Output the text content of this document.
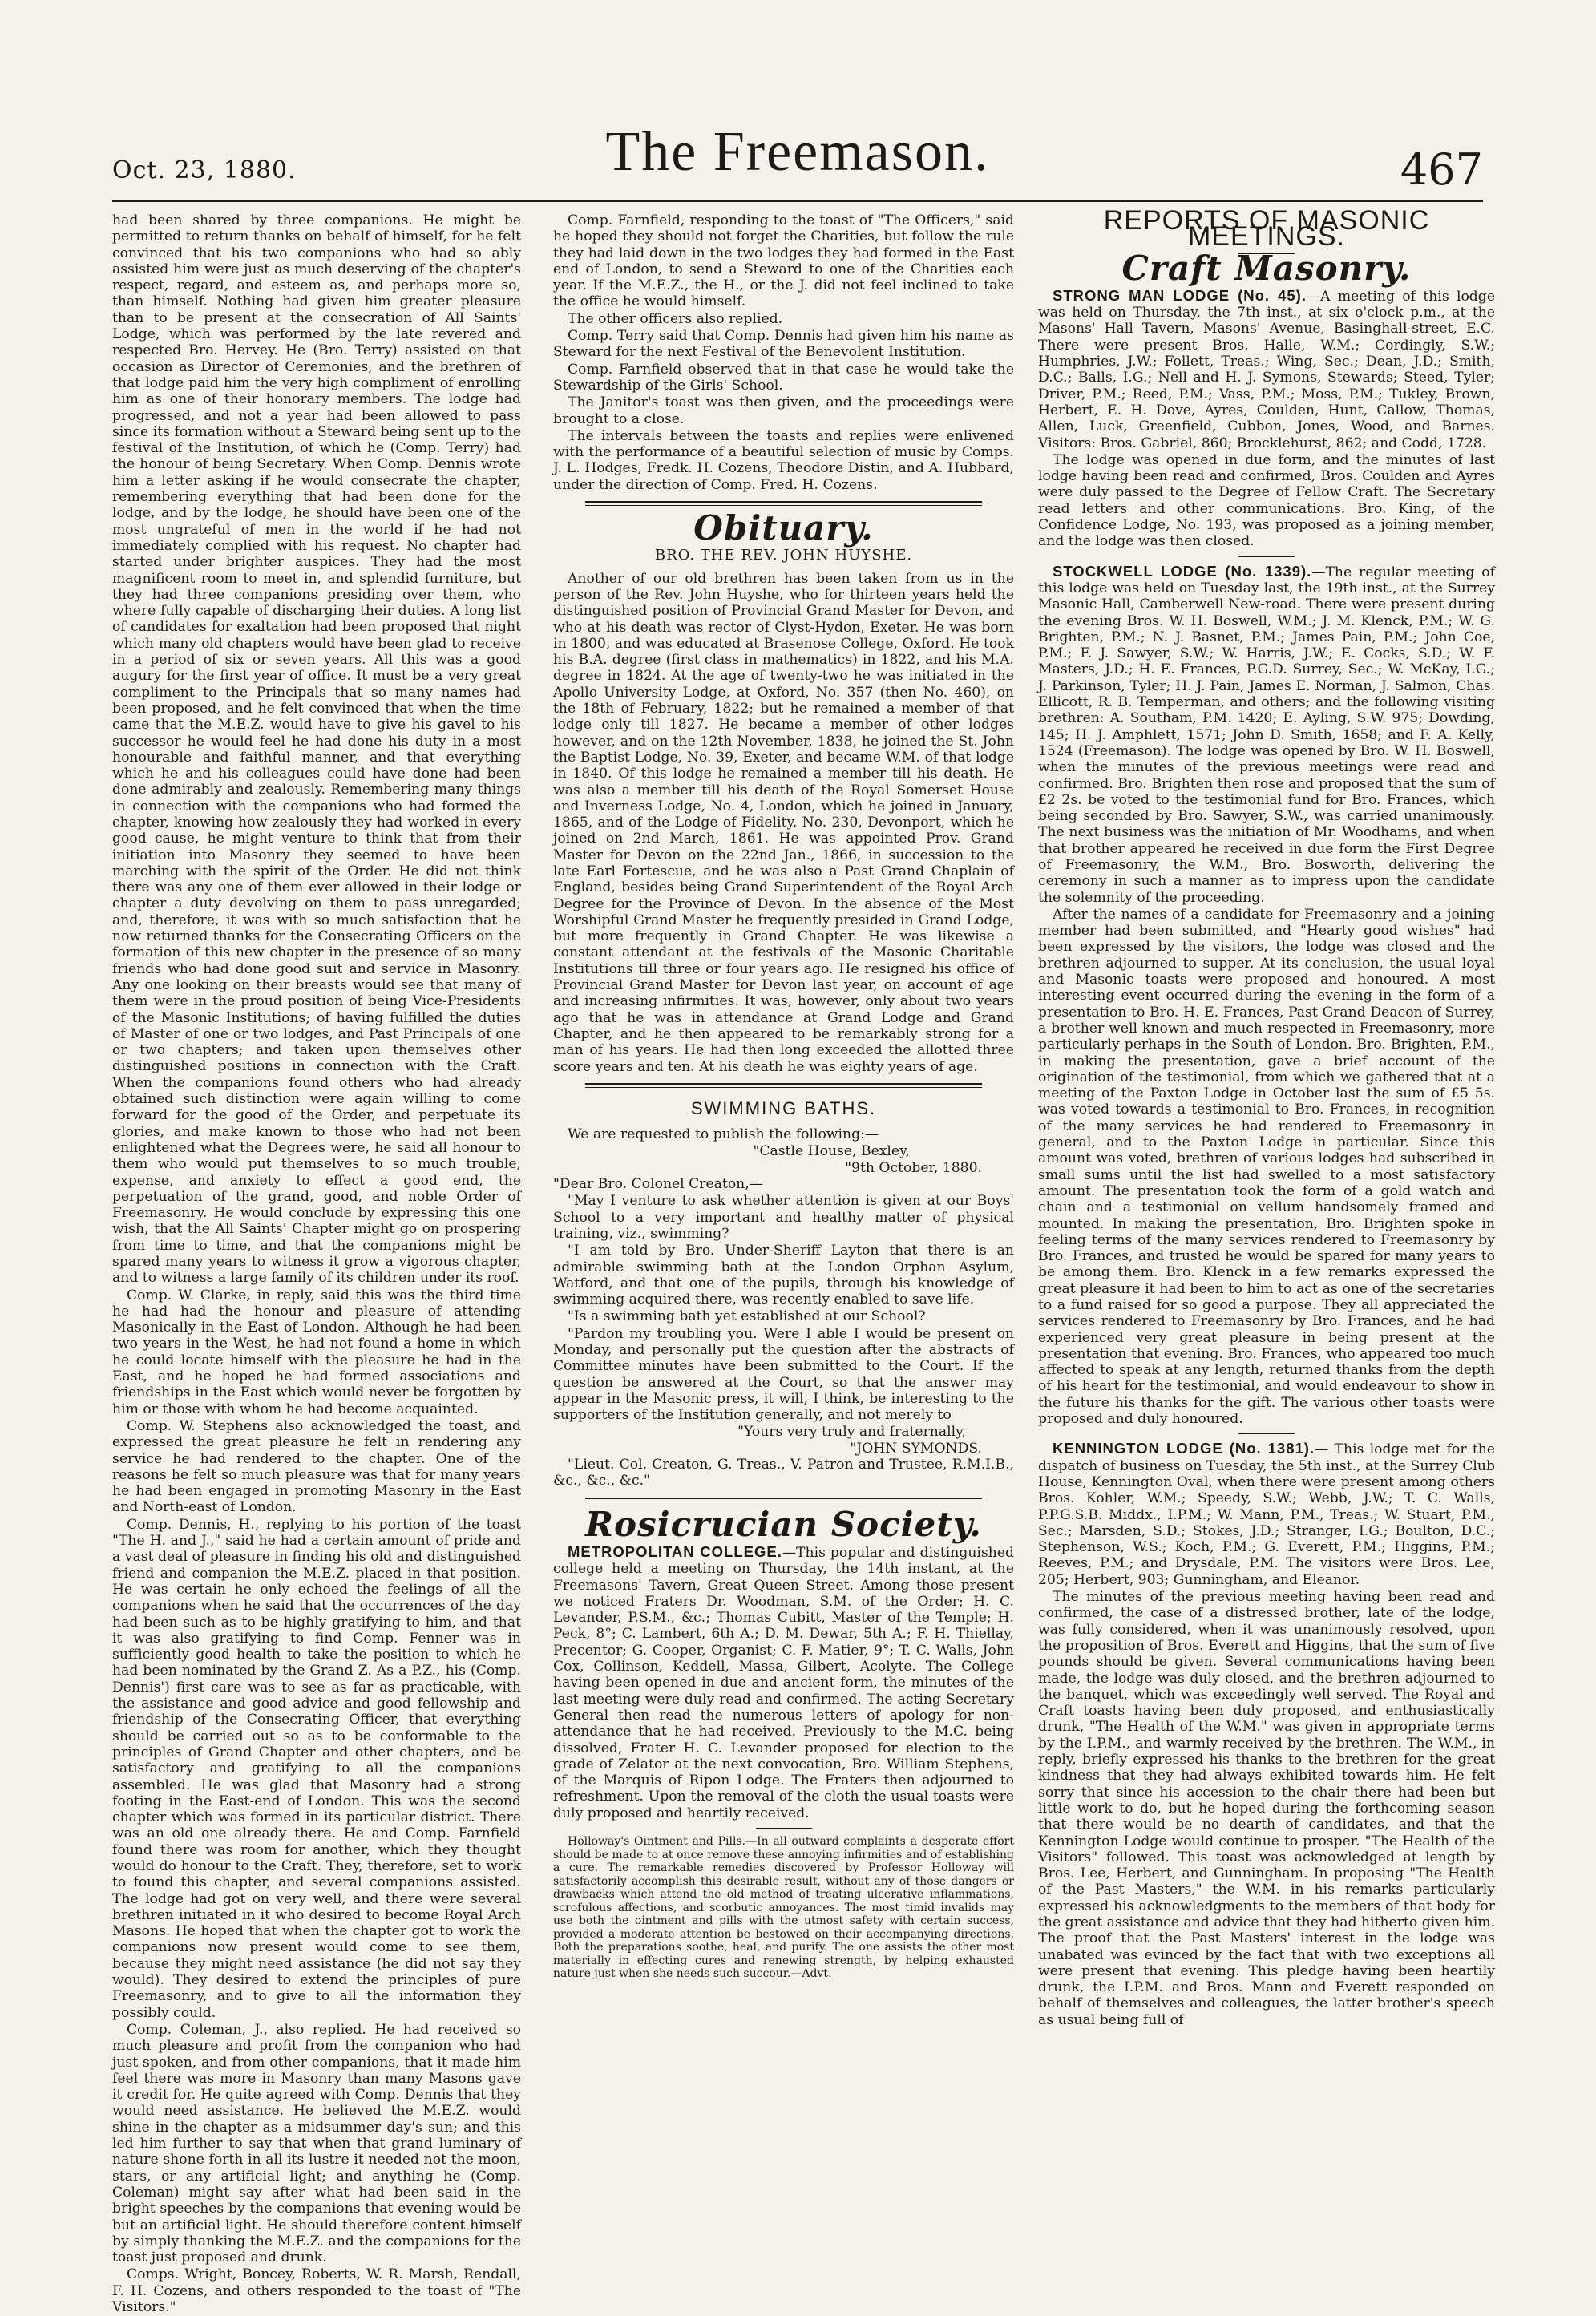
Oct. 23, 1880.	The Freemason.	467

had been shared by three companions. He might be permitted to return thanks on behalf of himself, for he felt convinced that his two companions who had so ably assisted him were just as much deserving of the chapter's respect, regard, and esteem as, and perhaps more so, than himself. Nothing had given him greater pleasure than to be present at the consecration of All Saints' Lodge, which was performed by the late revered and respected Bro. Hervey. He (Bro. Terry) assisted on that occasion as Director of Ceremonies, and the brethren of that lodge paid him the very high compliment of enrolling him as one of their honorary members. The lodge had progressed, and not a year had been allowed to pass since its formation without a Steward being sent up to the festival of the Institution, of which he (Comp. Terry) had the honour of being Secretary. When Comp. Dennis wrote him a letter asking if he would consecrate the chapter, remembering everything that had been done for the lodge, and by the lodge, he should have been one of the most ungrateful of men in the world if he had not immediately complied with his request. No chapter had started under brighter auspices. They had the most magnificent room to meet in, and splendid furniture, but they had three companions presiding over them, who where fully capable of discharging their duties. A long list of candidates for exaltation had been proposed that night which many old chapters would have been glad to receive in a period of six or seven years. All this was a good augury for the first year of office. It must be a very great compliment to the Principals that so many names had been proposed, and he felt convinced that when the time came that the M.E.Z. would have to give his gavel to his successor he would feel he had done his duty in a most honourable and faithful manner, and that everything which he and his colleagues could have done had been done admirably and zealously. Remembering many things in connection with the companions who had formed the chapter, knowing how zealously they had worked in every good cause, he might venture to think that from their initiation into Masonry they seemed to have been marching with the spirit of the Order. He did not think there was any one of them ever allowed in their lodge or chapter a duty devolving on them to pass unregarded; and, therefore, it was with so much satisfaction that he now returned thanks for the Consecrating Officers on the formation of this new chapter in the presence of so many friends who had done good suit and service in Masonry. Any one looking on their breasts would see that many of them were in the proud position of being Vice-Presidents of the Masonic Institutions; of having fulfilled the duties of Master of one or two lodges, and Past Principals of one or two chapters; and taken upon themselves other distinguished positions in connection with the Craft. When the companions found others who had already obtained such distinction were again willing to come forward for the good of the Order, and perpetuate its glories, and make known to those who had not been enlightened what the Degrees were, he said all honour to them who would put themselves to so much trouble, expense, and anxiety to effect a good end, the perpetuation of the grand, good, and noble Order of Freemasonry. He would conclude by expressing this one wish, that the All Saints' Chapter might go on prospering from time to time, and that the companions might be spared many years to witness it grow a vigorous chapter, and to witness a large family of its children under its roof.

Comp. W. Clarke, in reply, said this was the third time he had had the honour and pleasure of attending Masonically in the East of London. Although he had been two years in the West, he had not found a home in which he could locate himself with the pleasure he had in the East, and he hoped he had formed associations and friendships in the East which would never be forgotten by him or those with whom he had become acquainted.

Comp. W. Stephens also acknowledged the toast, and expressed the great pleasure he felt in rendering any service he had rendered to the chapter. One of the reasons he felt so much pleasure was that for many years he had been engaged in promoting Masonry in the East and North-east of London.

Comp. Dennis, H., replying to his portion of the toast "The H. and J.," said he had a certain amount of pride and a vast deal of pleasure in finding his old and distinguished friend and companion the M.E.Z. placed in that position. He was certain he only echoed the feelings of all the companions when he said that the occurrences of the day had been such as to be highly gratifying to him, and that it was also gratifying to find Comp. Fenner was in sufficiently good health to take the position to which he had been nominated by the Grand Z. As a P.Z., his (Comp. Dennis') first care was to see as far as practicable, with the assistance and good advice and good fellowship and friendship of the Consecrating Officer, that everything should be carried out so as to be conformable to the principles of Grand Chapter and other chapters, and be satisfactory and gratifying to all the companions assembled. He was glad that Masonry had a strong footing in the East-end of London. This was the second chapter which was formed in its particular district. There was an old one already there. He and Comp. Farnfield found there was room for another, which they thought would do honour to the Craft. They, therefore, set to work to found this chapter, and several companions assisted. The lodge had got on very well, and there were several brethren initiated in it who desired to become Royal Arch Masons. He hoped that when the chapter got to work the companions now present would come to see them, because they might need assistance (he did not say they would). They desired to extend the principles of pure Freemasonry, and to give to all the information they possibly could.

Comp. Coleman, J., also replied. He had received so much pleasure and profit from the companion who had just spoken, and from other companions, that it made him feel there was more in Masonry than many Masons gave it credit for. He quite agreed with Comp. Dennis that they would need assistance. He believed the M.E.Z. would shine in the chapter as a midsummer day's sun; and this led him further to say that when that grand luminary of nature shone forth in all its lustre it needed not the moon, stars, or any artificial light; and anything he (Comp. Coleman) might say after what had been said in the bright speeches by the companions that evening would be but an artificial light. He should therefore content himself by simply thanking the M.E.Z. and the companions for the toast just proposed and drunk.

Comps. Wright, Boncey, Roberts, W. R. Marsh, Rendall, F. H. Cozens, and others responded to the toast of "The Visitors."

Comp. Farnfield, responding to the toast of "The Officers," said he hoped they should not forget the Charities, but follow the rule they had laid down in the two lodges they had formed in the East end of London, to send a Steward to one of the Charities each year. If the M.E.Z., the H., or the J. did not feel inclined to take the office he would himself.

The other officers also replied.

Comp. Terry said that Comp. Dennis had given him his name as Steward for the next Festival of the Benevolent Institution.

Comp. Farnfield observed that in that case he would take the Stewardship of the Girls' School.

The Janitor's toast was then given, and the proceedings were brought to a close.

The intervals between the toasts and replies were enlivened with the performance of a beautiful selection of music by Comps. J. L. Hodges, Fredk. H. Cozens, Theodore Distin, and A. Hubbard, under the direction of Comp. Fred. H. Cozens.

Obituary.
BRO. THE REV. JOHN HUYSHE.

Another of our old brethren has been taken from us in the person of the Rev. John Huyshe, who for thirteen years held the distinguished position of Provincial Grand Master for Devon, and who at his death was rector of Clyst-Hydon, Exeter. He was born in 1800, and was educated at Brasenose College, Oxford. He took his B.A. degree (first class in mathematics) in 1822, and his M.A. degree in 1824. At the age of twenty-two he was initiated in the Apollo University Lodge, at Oxford, No. 357 (then No. 460), on the 18th of February, 1822; but he remained a member of that lodge only till 1827. He became a member of other lodges however, and on the 12th November, 1838, he joined the St. John the Baptist Lodge, No. 39, Exeter, and became W.M. of that lodge in 1840. Of this lodge he remained a member till his death. He was also a member till his death of the Royal Somerset House and Inverness Lodge, No. 4, London, which he joined in January, 1865, and of the Lodge of Fidelity, No. 230, Devonport, which he joined on 2nd March, 1861. He was appointed Prov. Grand Master for Devon on the 22nd Jan., 1866, in succession to the late Earl Fortescue, and he was also a Past Grand Chaplain of England, besides being Grand Superintendent of the Royal Arch Degree for the Province of Devon. In the absence of the Most Worshipful Grand Master he frequently presided in Grand Lodge, but more frequently in Grand Chapter. He was likewise a constant attendant at the festivals of the Masonic Charitable Institutions till three or four years ago. He resigned his office of Provincial Grand Master for Devon last year, on account of age and increasing infirmities. It was, however, only about two years ago that he was in attendance at Grand Lodge and Grand Chapter, and he then appeared to be remarkably strong for a man of his years. He had then long exceeded the allotted three score years and ten. At his death he was eighty years of age.

SWIMMING BATHS.

We are requested to publish the following:—

"Castle House, Bexley,
"9th October, 1880.

"Dear Bro. Colonel Creaton,—

"May I venture to ask whether attention is given at our Boys' School to a very important and healthy matter of physical training, viz., swimming?

"I am told by Bro. Under-Sheriff Layton that there is an admirable swimming bath at the London Orphan Asylum, Watford, and that one of the pupils, through his knowledge of swimming acquired there, was recently enabled to save life.

"Is a swimming bath yet established at our School?

"Pardon my troubling you. Were I able I would be present on Monday, and personally put the question after the abstracts of Committee minutes have been submitted to the Court. If the question be answered at the Court, so that the answer may appear in the Masonic press, it will, I think, be interesting to the supporters of the Institution generally, and not merely to

"Yours very truly and fraternally,
"JOHN SYMONDS.

"Lieut. Col. Creaton, G. Treas., V. Patron and Trustee, R.M.I.B., &c., &c., &c."

Rosicrucian Society.

METROPOLITAN COLLEGE.—This popular and distinguished college held a meeting on Thursday, the 14th instant, at the Freemasons' Tavern, Great Queen Street. Among those present we noticed Fraters Dr. Woodman, S.M. of the Order; H. C. Levander, P.S.M., &c.; Thomas Cubitt, Master of the Temple; H. Peck, 8°; C. Lambert, 6th A.; D. M. Dewar, 5th A.; F. H. Thiellay, Precentor; G. Cooper, Organist; C. F. Matier, 9°; T. C. Walls, John Cox, Collinson, Keddell, Massa, Gilbert, Acolyte. The College having been opened in due and ancient form, the minutes of the last meeting were duly read and confirmed. The acting Secretary General then read the numerous letters of apology for non-attendance that he had received. Previously to the M.C. being dissolved, Frater H. C. Levander proposed for election to the grade of Zelator at the next convocation, Bro. William Stephens, of the Marquis of Ripon Lodge. The Fraters then adjourned to refreshment. Upon the removal of the cloth the usual toasts were duly proposed and heartily received.

Holloway's Ointment and Pills.—In all outward complaints a desperate effort should be made to at once remove these annoying infirmities and of establishing a cure. The remarkable remedies discovered by Professor Holloway will satisfactorily accomplish this desirable result, without any of those dangers or drawbacks which attend the old method of treating ulcerative inflammations, scrofulous affections, and scorbutic annoyances. The most timid invalids may use both the ointment and pills with the utmost safety with certain success, provided a moderate attention be bestowed on their accompanying directions. Both the preparations soothe, heal, and purify. The one assists the other most materially in effecting cures and renewing strength, by helping exhausted nature just when she needs such succour.—Advt.

REPORTS OF MASONIC MEETINGS.
Craft Masonry.

STRONG MAN LODGE (No. 45).—A meeting of this lodge was held on Thursday, the 7th inst., at six o'clock p.m., at the Masons' Hall Tavern, Masons' Avenue, Basinghall-street, E.C. There were present Bros. Halle, W.M.; Cordingly, S.W.; Humphries, J.W.; Follett, Treas.; Wing, Sec.; Dean, J.D.; Smith, D.C.; Balls, I.G.; Nell and H. J. Symons, Stewards; Steed, Tyler; Driver, P.M.; Reed, P.M.; Vass, P.M.; Moss, P.M.; Tukley, Brown, Herbert, E. H. Dove, Ayres, Coulden, Hunt, Callow, Thomas, Allen, Luck, Greenfield, Cubbon, Jones, Wood, and Barnes. Visitors: Bros. Gabriel, 860; Brocklehurst, 862; and Codd, 1728.

The lodge was opened in due form, and the minutes of last lodge having been read and confirmed, Bros. Coulden and Ayres were duly passed to the Degree of Fellow Craft. The Secretary read letters and other communications. Bro. King, of the Confidence Lodge, No. 193, was proposed as a joining member, and the lodge was then closed.

STOCKWELL LODGE (No. 1339).—The regular meeting of this lodge was held on Tuesday last, the 19th inst., at the Surrey Masonic Hall, Camberwell New-road. There were present during the evening Bros. W. H. Boswell, W.M.; J. M. Klenck, P.M.; W. G. Brighten, P.M.; N. J. Basnet, P.M.; James Pain, P.M.; John Coe, P.M.; F. J. Sawyer, S.W.; W. Harris, J.W.; E. Cocks, S.D.; W. F. Masters, J.D.; H. E. Frances, P.G.D. Surrey, Sec.; W. McKay, I.G.; J. Parkinson, Tyler; H. J. Pain, James E. Norman, J. Salmon, Chas. Ellicott, R. B. Temperman, and others; and the following visiting brethren: A. Southam, P.M. 1420; E. Ayling, S.W. 975; Dowding, 145; H. J. Amphlett, 1571; John D. Smith, 1658; and F. A. Kelly, 1524 (Freemason). The lodge was opened by Bro. W. H. Boswell, when the minutes of the previous meetings were read and confirmed. Bro. Brighten then rose and proposed that the sum of £2 2s. be voted to the testimonial fund for Bro. Frances, which being seconded by Bro. Sawyer, S.W., was carried unanimously. The next business was the initiation of Mr. Woodhams, and when that brother appeared he received in due form the First Degree of Freemasonry, the W.M., Bro. Bosworth, delivering the ceremony in such a manner as to impress upon the candidate the solemnity of the proceeding.

After the names of a candidate for Freemasonry and a joining member had been submitted, and "Hearty good wishes" had been expressed by the visitors, the lodge was closed and the brethren adjourned to supper. At its conclusion, the usual loyal and Masonic toasts were proposed and honoured. A most interesting event occurred during the evening in the form of a presentation to Bro. H. E. Frances, Past Grand Deacon of Surrey, a brother well known and much respected in Freemasonry, more particularly perhaps in the South of London. Bro. Brighten, P.M., in making the presentation, gave a brief account of the origination of the testimonial, from which we gathered that at a meeting of the Paxton Lodge in October last the sum of £5 5s. was voted towards a testimonial to Bro. Frances, in recognition of the many services he had rendered to Freemasonry in general, and to the Paxton Lodge in particular. Since this amount was voted, brethren of various lodges had subscribed in small sums until the list had swelled to a most satisfactory amount. The presentation took the form of a gold watch and chain and a testimonial on vellum handsomely framed and mounted. In making the presentation, Bro. Brighten spoke in feeling terms of the many services rendered to Freemasonry by Bro. Frances, and trusted he would be spared for many years to be among them. Bro. Klenck in a few remarks expressed the great pleasure it had been to him to act as one of the secretaries to a fund raised for so good a purpose. They all appreciated the services rendered to Freemasonry by Bro. Frances, and he had experienced very great pleasure in being present at the presentation that evening. Bro. Frances, who appeared too much affected to speak at any length, returned thanks from the depth of his heart for the testimonial, and would endeavour to show in the future his thanks for the gift. The various other toasts were proposed and duly honoured.

KENNINGTON LODGE (No. 1381).— This lodge met for the dispatch of business on Tuesday, the 5th inst., at the Surrey Club House, Kennington Oval, when there were present among others Bros. Kohler, W.M.; Speedy, S.W.; Webb, J.W.; T. C. Walls, P.P.G.S.B. Middx., I.P.M.; W. Mann, P.M., Treas.; W. Stuart, P.M., Sec.; Marsden, S.D.; Stokes, J.D.; Stranger, I.G.; Boulton, D.C.; Stephenson, W.S.; Koch, P.M.; G. Everett, P.M.; Higgins, P.M.; Reeves, P.M.; and Drysdale, P.M. The visitors were Bros. Lee, 205; Herbert, 903; Gunningham, and Eleanor.

The minutes of the previous meeting having been read and confirmed, the case of a distressed brother, late of the lodge, was fully considered, when it was unanimously resolved, upon the proposition of Bros. Everett and Higgins, that the sum of five pounds should be given. Several communications having been made, the lodge was duly closed, and the brethren adjourned to the banquet, which was exceedingly well served. The Royal and Craft toasts having been duly proposed, and enthusiastically drunk, "The Health of the W.M." was given in appropriate terms by the I.P.M., and warmly received by the brethren. The W.M., in reply, briefly expressed his thanks to the brethren for the great kindness that they had always exhibited towards him. He felt sorry that since his accession to the chair there had been but little work to do, but he hoped during the forthcoming season that there would be no dearth of candidates, and that the Kennington Lodge would continue to prosper. "The Health of the Visitors" followed. This toast was acknowledged at length by Bros. Lee, Herbert, and Gunningham. In proposing "The Health of the Past Masters," the W.M. in his remarks particularly expressed his acknowledgments to the members of that body for the great assistance and advice that they had hitherto given him. The proof that the Past Masters' interest in the lodge was unabated was evinced by the fact that with two exceptions all were present that evening. This pledge having been heartily drunk, the I.P.M. and Bros. Mann and Everett responded on behalf of themselves and colleagues, the latter brother's speech as usual being full of
